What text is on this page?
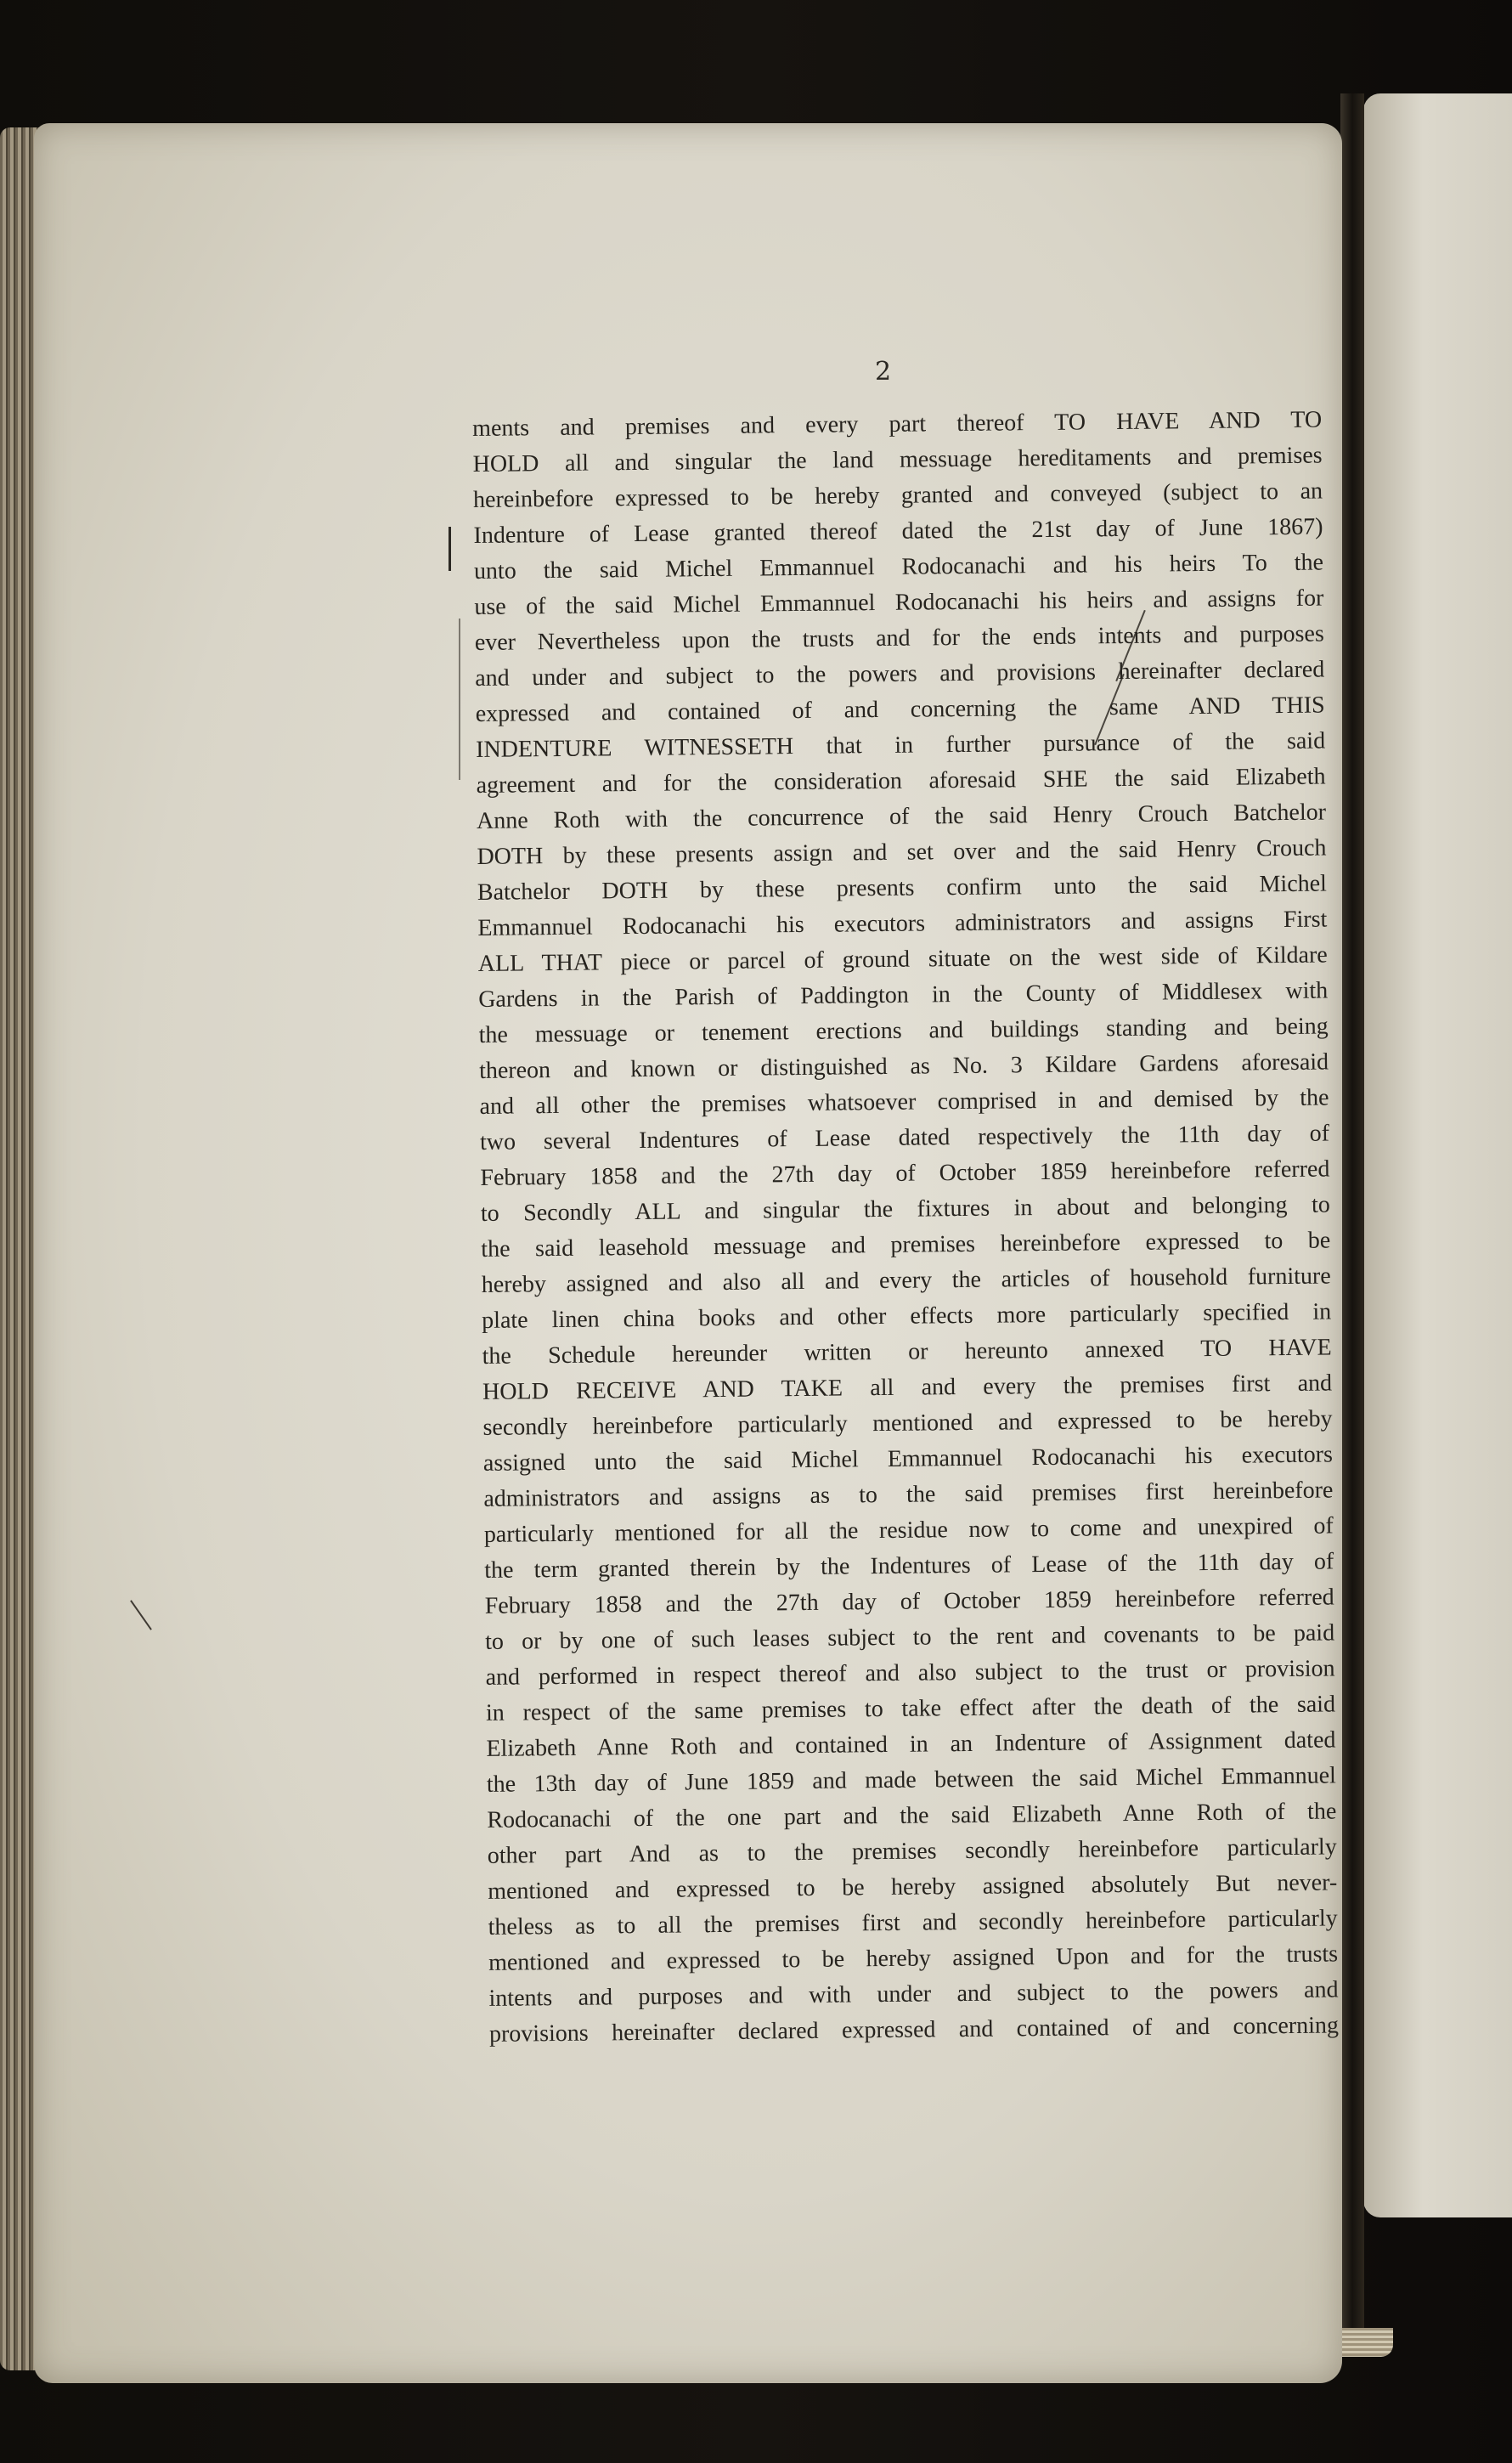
2
ments and premises and every part thereof TO HAVE AND TO
HOLD all and singular the land messuage hereditaments and premises
hereinbefore expressed to be hereby granted and conveyed (subject to an
Indenture of Lease granted thereof dated the 21st day of June 1867)
unto the said Michel Emmannuel Rodocanachi and his heirs To the
use of the said Michel Emmannuel Rodocanachi his heirs and assigns for
ever Nevertheless upon the trusts and for the ends intents and purposes
and under and subject to the powers and provisions hereinafter declared
expressed and contained of and concerning the same AND THIS
INDENTURE WITNESSETH that in further pursuance of the said
agreement and for the consideration aforesaid SHE the said Elizabeth
Anne Roth with the concurrence of the said Henry Crouch Batchelor
DOTH by these presents assign and set over and the said Henry Crouch
Batchelor DOTH by these presents confirm unto the said Michel
Emmannuel Rodocanachi his executors administrators and assigns First
ALL THAT piece or parcel of ground situate on the west side of Kildare
Gardens in the Parish of Paddington in the County of Middlesex with
the messuage or tenement erections and buildings standing and being
thereon and known or distinguished as No. 3 Kildare Gardens aforesaid
and all other the premises whatsoever comprised in and demised by the
two several Indentures of Lease dated respectively the 11th day of
February 1858 and the 27th day of October 1859 hereinbefore referred
to Secondly ALL and singular the fixtures in about and belonging to
the said leasehold messuage and premises hereinbefore expressed to be
hereby assigned and also all and every the articles of household furniture
plate linen china books and other effects more particularly specified in
the Schedule hereunder written or hereunto annexed TO HAVE
HOLD RECEIVE AND TAKE all and every the premises first and
secondly hereinbefore particularly mentioned and expressed to be hereby
assigned unto the said Michel Emmannuel Rodocanachi his executors
administrators and assigns as to the said premises first hereinbefore
particularly mentioned for all the residue now to come and unexpired of
the term granted therein by the Indentures of Lease of the 11th day of
February 1858 and the 27th day of October 1859 hereinbefore referred
to or by one of such leases subject to the rent and covenants to be paid
and performed in respect thereof and also subject to the trust or provision
in respect of the same premises to take effect after the death of the said
Elizabeth Anne Roth and contained in an Indenture of Assignment dated
the 13th day of June 1859 and made between the said Michel Emmannuel
Rodocanachi of the one part and the said Elizabeth Anne Roth of the
other part And as to the premises secondly hereinbefore particularly
mentioned and expressed to be hereby assigned absolutely But never-
theless as to all the premises first and secondly hereinbefore particularly
mentioned and expressed to be hereby assigned Upon and for the trusts
intents and purposes and with under and subject to the powers and
provisions hereinafter declared expressed and contained of and concerning
